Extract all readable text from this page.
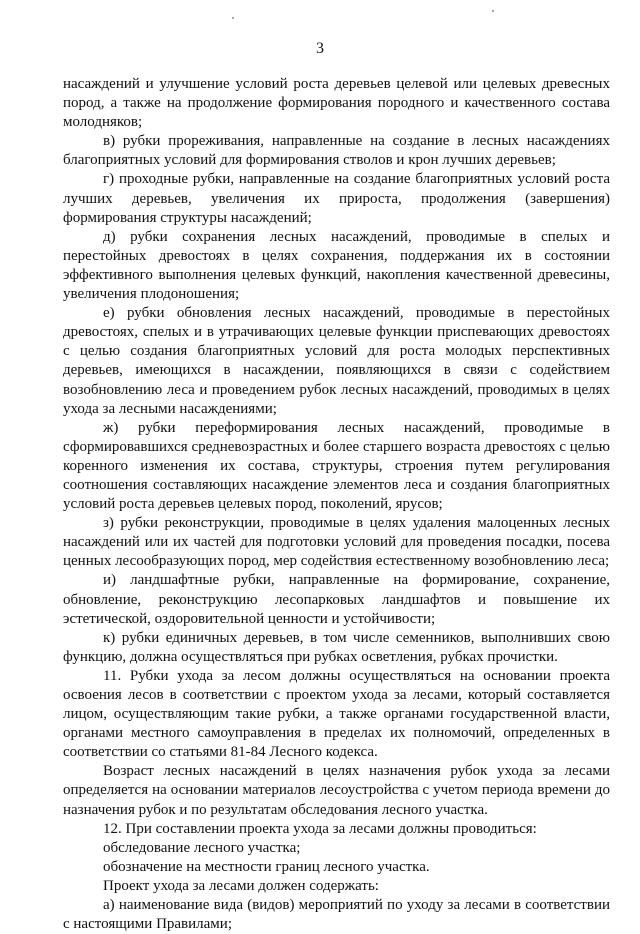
3

насаждений и улучшение условий роста деревьев целевой или целевых древесных пород, а также на продолжение формирования породного и качественного состава молодняков;

в) рубки прореживания, направленные на создание в лесных насаждениях благоприятных условий для формирования стволов и крон лучших деревьев;

г) проходные рубки, направленные на создание благоприятных условий роста лучших деревьев, увеличения их прироста, продолжения (завершения) формирования структуры насаждений;

д) рубки сохранения лесных насаждений, проводимые в спелых и перестойных древостоях в целях сохранения, поддержания их в состоянии эффективного выполнения целевых функций, накопления качественной древесины, увеличения плодоношения;

е) рубки обновления лесных насаждений, проводимые в перестойных древостоях, спелых и в утрачивающих целевые функции приспевающих древостоях с целью создания благоприятных условий для роста молодых перспективных деревьев, имеющихся в насаждении, появляющихся в связи с содействием возобновлению леса и проведением рубок лесных насаждений, проводимых в целях ухода за лесными насаждениями;

ж) рубки переформирования лесных насаждений, проводимые в сформировавшихся средневозрастных и более старшего возраста древостоях с целью коренного изменения их состава, структуры, строения путем регулирования соотношения составляющих насаждение элементов леса и создания благоприятных условий роста деревьев целевых пород, поколений, ярусов;

з) рубки реконструкции, проводимые в целях удаления малоценных лесных насаждений или их частей для подготовки условий для проведения посадки, посева ценных лесообразующих пород, мер содействия естественному возобновлению леса;

и) ландшафтные рубки, направленные на формирование, сохранение, обновление, реконструкцию лесопарковых ландшафтов и повышение их эстетической, оздоровительной ценности и устойчивости;

к) рубки единичных деревьев, в том числе семенников, выполнивших свою функцию, должна осуществляться при рубках осветления, рубках прочистки.

11. Рубки ухода за лесом должны осуществляться на основании проекта освоения лесов в соответствии с проектом ухода за лесами, который составляется лицом, осуществляющим такие рубки, а также органами государственной власти, органами местного самоуправления в пределах их полномочий, определенных в соответствии со статьями 81-84 Лесного кодекса.

Возраст лесных насаждений в целях назначения рубок ухода за лесами определяется на основании материалов лесоустройства с учетом периода времени до назначения рубок и по результатам обследования лесного участка.

12. При составлении проекта ухода за лесами должны проводиться:

обследование лесного участка;

обозначение на местности границ лесного участка.

Проект ухода за лесами должен содержать:

а) наименование вида (видов) мероприятий по уходу за лесами в соответствии с настоящими Правилами;
